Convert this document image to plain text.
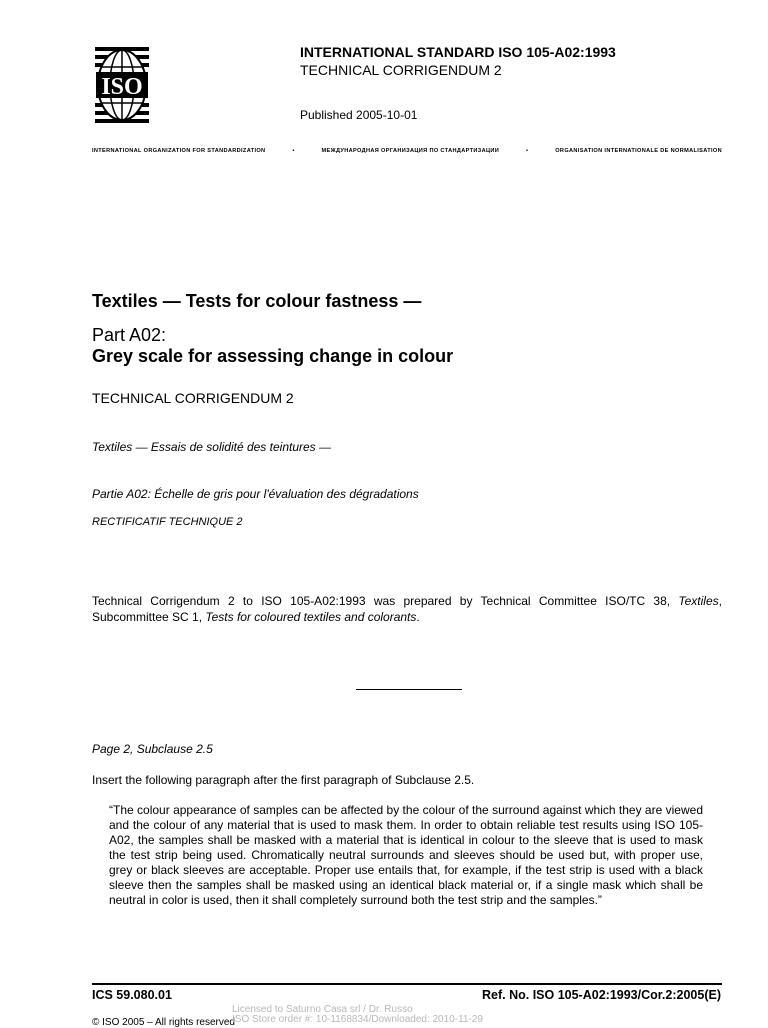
ISO
INTERNATIONAL STANDARD ISO 105-A02:1993
TECHNICAL CORRIGENDUM 2
Published 2005-10-01
INTERNATIONAL ORGANIZATION FOR STANDARDIZATION	•	МЕЖДУНАРОДНАЯ ОРГАНИЗАЦИЯ ПО СТАНДАРТИЗАЦИИ	•	ORGANISATION INTERNATIONALE DE NORMALISATION
Textiles — Tests for colour fastness —
Part A02:
Grey scale for assessing change in colour
TECHNICAL CORRIGENDUM 2
Textiles — Essais de solidité des teintures —
Partie A02: Échelle de gris pour l'évaluation des dégradations
RECTIFICATIF TECHNIQUE 2
Technical Corrigendum 2 to ISO 105-A02:1993 was prepared by Technical Committee ISO/TC 38, Textiles, Subcommittee SC 1, Tests for coloured textiles and colorants.
Page 2, Subclause 2.5
Insert the following paragraph after the first paragraph of Subclause 2.5.
“The colour appearance of samples can be affected by the colour of the surround against which they are viewed and the colour of any material that is used to mask them. In order to obtain reliable test results using ISO 105-A02, the samples shall be masked with a material that is identical in colour to the sleeve that is used to mask the test strip being used. Chromatically neutral surrounds and sleeves should be used but, with proper use, grey or black sleeves are acceptable. Proper use entails that, for example, if the test strip is used with a black sleeve then the samples shall be masked using an identical black material or, if a single mask which shall be neutral in color is used, then it shall completely surround both the test strip and the samples.”
ICS 59.080.01	Ref. No. ISO 105-A02:1993/Cor.2:2005(E)
© ISO 2005 – All rights reserved
Licensed to Saturno Casa srl / Dr. Russo
ISO Store order #: 10-1168834/Downloaded: 2010-11-29
